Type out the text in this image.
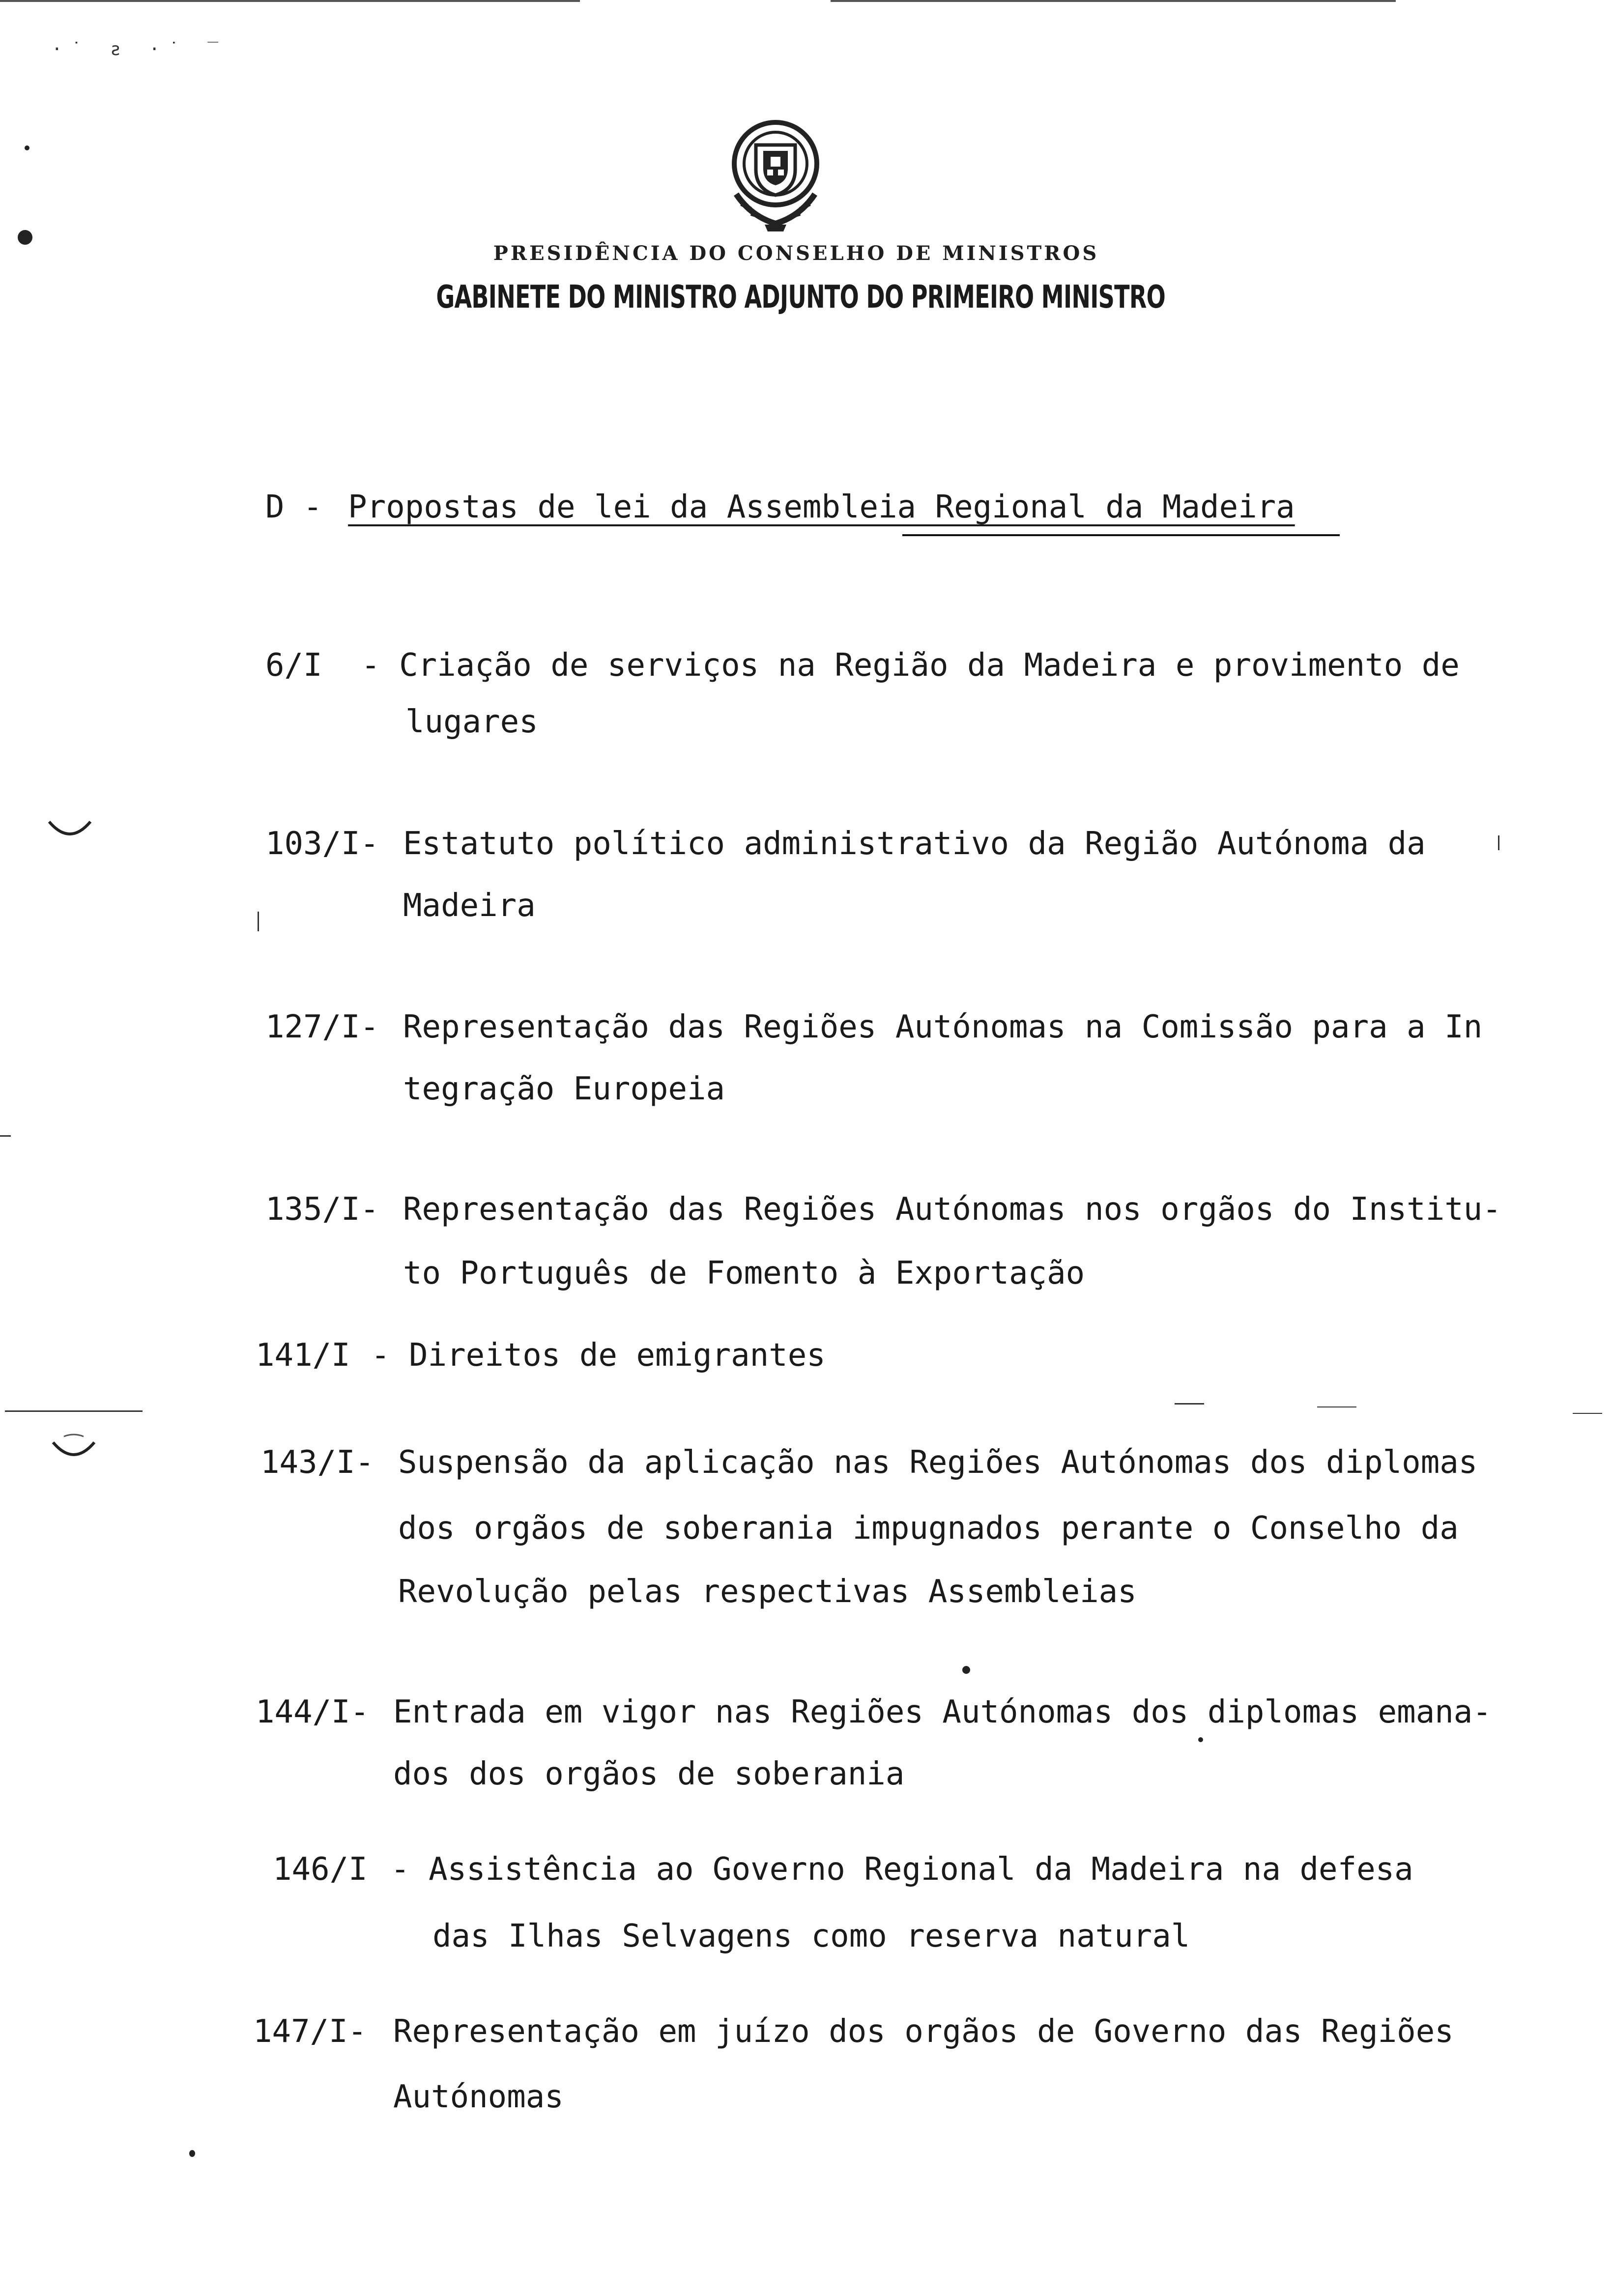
·˙ ƨ ·˙ ‾
PRESIDÊNCIA DO CONSELHO DE MINISTROS
GABINETE DO MINISTRO ADJUNTO DO PRIMEIRO MINISTRO
D - Propostas de lei da Assembleia Regional da Madeira
6/I - Criação de serviços na Região da Madeira e provimento de
lugares
103/I- Estatuto político administrativo da Região Autónoma da
Madeira
127/I- Representação das Regiões Autónomas na Comissão para a In
tegração Europeia
135/I- Representação das Regiões Autónomas nos orgãos do Institu-
to Português de Fomento à Exportação
141/I - Direitos de emigrantes
143/I- Suspensão da aplicação nas Regiões Autónomas dos diplomas
dos orgãos de soberania impugnados perante o Conselho da
Revolução pelas respectivas Assembleias
144/I- Entrada em vigor nas Regiões Autónomas dos diplomas emana-
dos dos orgãos de soberania
146/I - Assistência ao Governo Regional da Madeira na defesa
das Ilhas Selvagens como reserva natural
147/I- Representação em juízo dos orgãos de Governo das Regiões
Autónomas
